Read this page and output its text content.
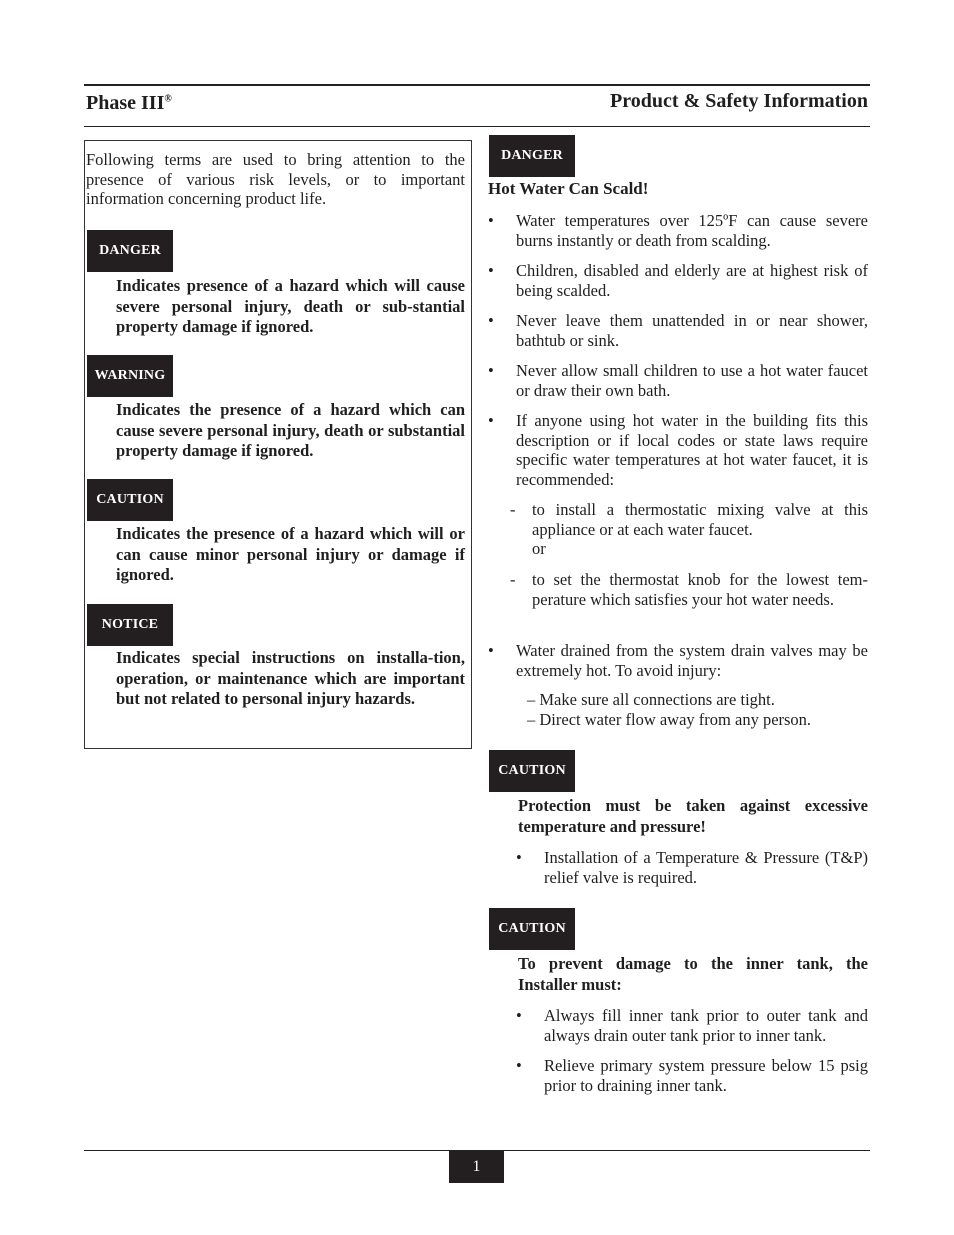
Phase III®	Product & Safety Information
Following terms are used to bring attention to the presence of various risk levels, or to important information concerning product life.
DANGER
Indicates presence of a hazard which will cause severe personal injury, death or sub-stantial property damage if ignored.
WARNING
Indicates the presence of a hazard which can cause severe personal injury, death or substantial property damage if ignored.
CAUTION
Indicates the presence of a hazard which will or can cause minor personal injury or damage if ignored.
NOTICE
Indicates special instructions on installa-tion, operation, or maintenance which are important but not related to personal injury hazards.
DANGER
Hot Water Can Scald!
• Water temperatures over 125ºF can cause severe burns instantly or death from scalding.
• Children, disabled and elderly are at highest risk of being scalded.
• Never leave them unattended in or near shower, bathtub or sink.
• Never allow small children to use a hot water faucet or draw their own bath.
• If anyone using hot water in the building fits this description or if local codes or state laws require specific water temperatures at hot water faucet, it is recommended:
- to install a thermostatic mixing valve at this appliance or at each water faucet.
or
- to set the thermostat knob for the lowest tem-perature which satisfies your hot water needs.
• Water drained from the system drain valves may be extremely hot. To avoid injury:
– Make sure all connections are tight.
– Direct water flow away from any person.
CAUTION
Protection must be taken against excessive temperature and pressure!
• Installation of a Temperature & Pressure (T&P) relief valve is required.
CAUTION
To prevent damage to the inner tank, the Installer must:
• Always fill inner tank prior to outer tank and always drain outer tank prior to inner tank.
• Relieve primary system pressure below 15 psig prior to draining inner tank.
1
